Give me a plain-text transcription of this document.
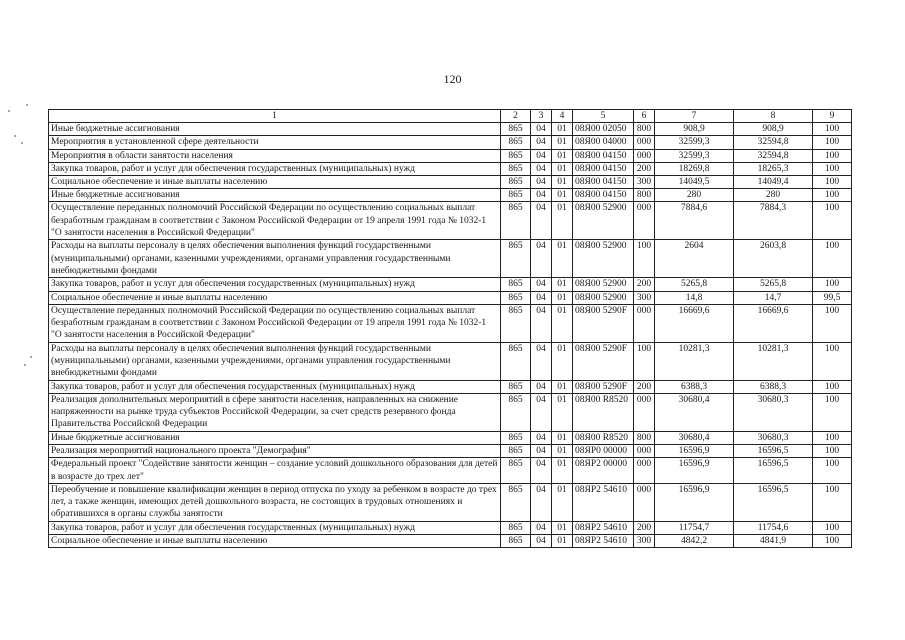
120
1	2	3	4	5	6	7	8	9
Иные бюджетные ассигнования	865	04	01	08Я00 02050	800	908,9	908,9	100
Мероприятия в установленной сфере деятельности	865	04	01	08Я00 04000	000	32599,3	32594,8	100
Мероприятия в области занятости населения	865	04	01	08Я00 04150	000	32599,3	32594,8	100
Закупка товаров, работ и услуг для обеспечения государственных (муниципальных) нужд	865	04	01	08Я00 04150	200	18269,8	18265,3	100
Социальное обеспечение и иные выплаты населению	865	04	01	08Я00 04150	300	14049,5	14049,4	100
Иные бюджетные ассигнования	865	04	01	08Я00 04150	800	280	280	100
Осуществление переданных полномочий Российской Федерации по осуществлению социальных выплат безработным гражданам в соответствии с Законом Российской Федерации от 19 апреля 1991 года № 1032-1 "О занятости населения в Российской Федерации"	865	04	01	08Я00 52900	000	7884,6	7884,3	100
Расходы на выплаты персоналу в целях обеспечения выполнения функций государственными (муниципальными) органами, казенными учреждениями, органами управления государственными внебюджетными фондами	865	04	01	08Я00 52900	100	2604	2603,8	100
Закупка товаров, работ и услуг для обеспечения государственных (муниципальных) нужд	865	04	01	08Я00 52900	200	5265,8	5265,8	100
Социальное обеспечение и иные выплаты населению	865	04	01	08Я00 52900	300	14,8	14,7	99,5
Осуществление переданных полномочий Российской Федерации по осуществлению социальных выплат безработным гражданам в соответствии с Законом Российской Федерации от 19 апреля 1991 года № 1032-1 "О занятости населения в Российской Федерации"	865	04	01	08Я00 5290F	000	16669,6	16669,6	100
Расходы на выплаты персоналу в целях обеспечения выполнения функций государственными (муниципальными) органами, казенными учреждениями, органами управления государственными внебюджетными фондами	865	04	01	08Я00 5290F	100	10281,3	10281,3	100
Закупка товаров, работ и услуг для обеспечения государственных (муниципальных) нужд	865	04	01	08Я00 5290F	200	6388,3	6388,3	100
Реализация дополнительных мероприятий в сфере занятости населения, направленных на снижение напряженности на рынке труда субъектов Российской Федерации, за счет средств резервного фонда Правительства Российской Федерации	865	04	01	08Я00 R8520	000	30680,4	30680,3	100
Иные бюджетные ассигнования	865	04	01	08Я00 R8520	800	30680,4	30680,3	100
Реализация мероприятий национального проекта "Демография"	865	04	01	08ЯP0 00000	000	16596,9	16596,5	100
Федеральный проект "Содействие занятости женщин – создание условий дошкольного образования для детей в возрасте до трех лет"	865	04	01	08ЯP2 00000	000	16596,9	16596,5	100
Переобучение и повышение квалификации женщин в период отпуска по уходу за ребенком в возрасте до трех лет, а также женщин, имеющих детей дошкольного возраста, не состоящих в трудовых отношениях и обратившихся в органы службы занятости	865	04	01	08ЯP2 54610	000	16596,9	16596,5	100
Закупка товаров, работ и услуг для обеспечения государственных (муниципальных) нужд	865	04	01	08ЯP2 54610	200	11754,7	11754,6	100
Социальное обеспечение и иные выплаты населению	865	04	01	08ЯP2 54610	300	4842,2	4841,9	100
